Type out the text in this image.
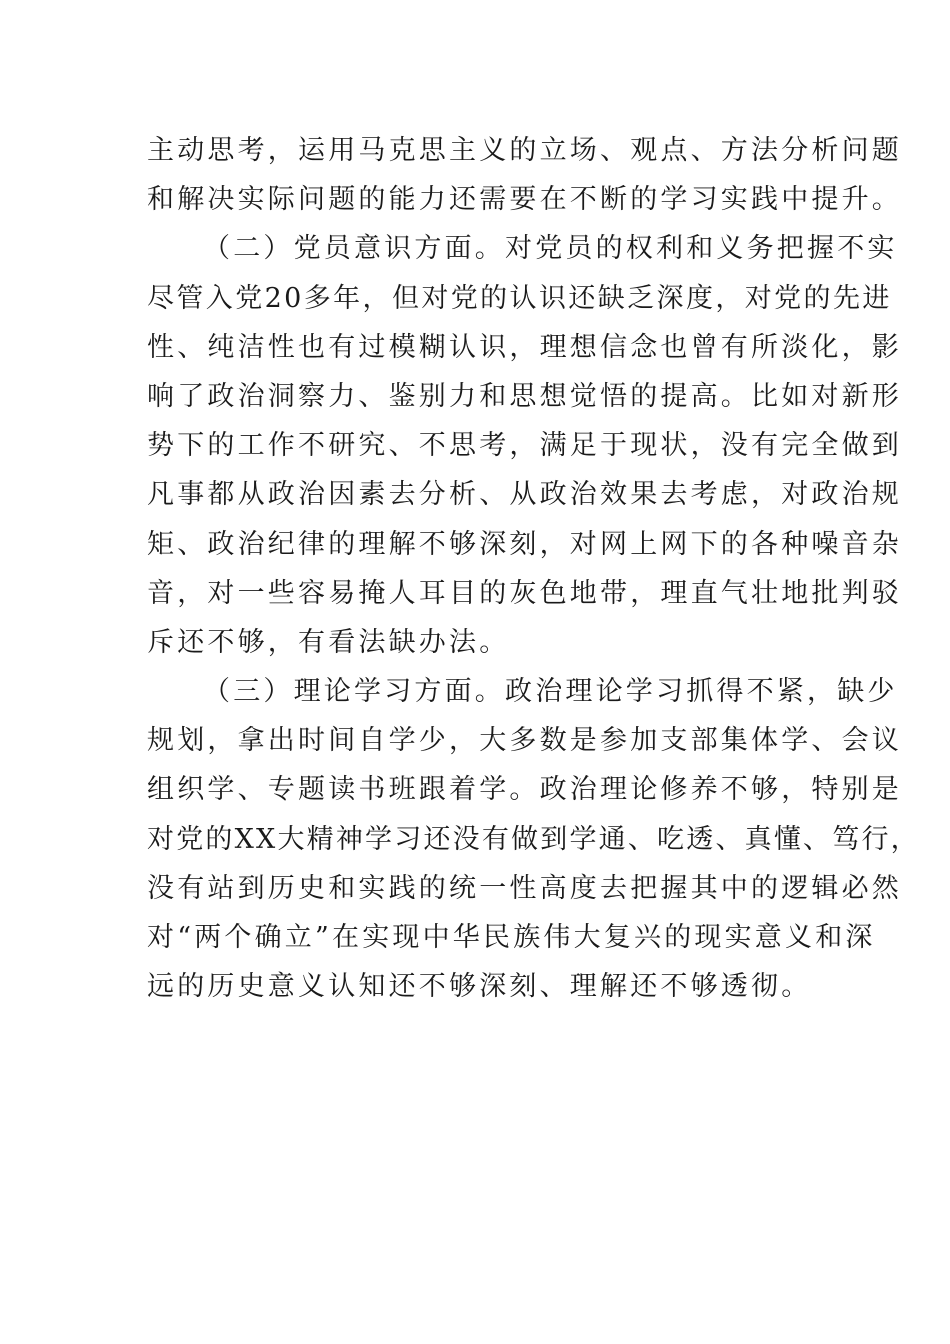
主动思考，运用马克思主义的立场、观点、方法分析问题
和解决实际问题的能力还需要在不断的学习实践中提升。
（二）党员意识方面。对党员的权利和义务把握不实
尽管入党20多年，但对党的认识还缺乏深度，对党的先进
性、纯洁性也有过模糊认识，理想信念也曾有所淡化，影
响了政治洞察力、鉴别力和思想觉悟的提高。比如对新形
势下的工作不研究、不思考，满足于现状，没有完全做到
凡事都从政治因素去分析、从政治效果去考虑，对政治规
矩、政治纪律的理解不够深刻，对网上网下的各种噪音杂
音，对一些容易掩人耳目的灰色地带，理直气壮地批判驳
斥还不够，有看法缺办法。
（三）理论学习方面。政治理论学习抓得不紧，缺少
规划，拿出时间自学少，大多数是参加支部集体学、会议
组织学、专题读书班跟着学。政治理论修养不够，特别是
对党的XX大精神学习还没有做到学通、吃透、真懂、笃行，
没有站到历史和实践的统一性高度去把握其中的逻辑必然
对“两个确立”在实现中华民族伟大复兴的现实意义和深
远的历史意义认知还不够深刻、理解还不够透彻。
